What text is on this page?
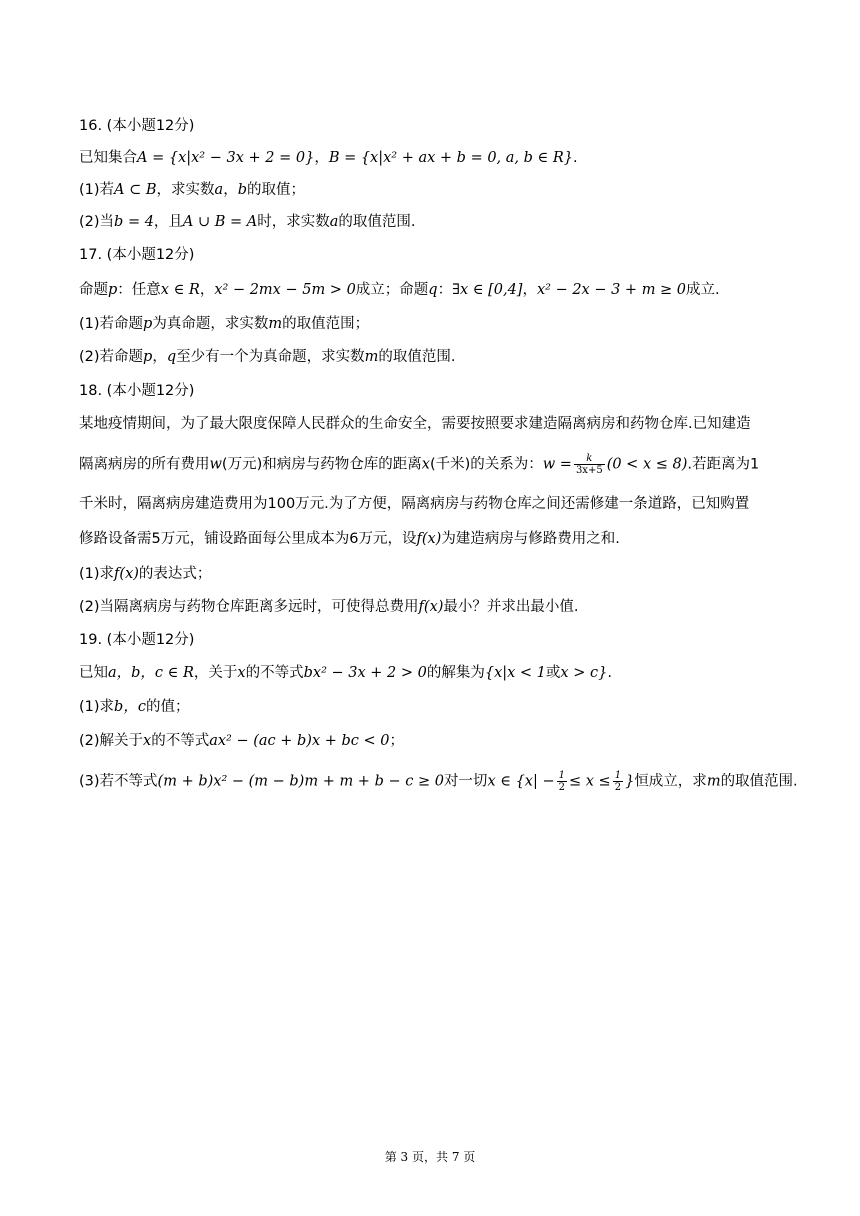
16. (本小题12分)
已知集合A = {x|x² − 3x + 2 = 0}，B = {x|x² + ax + b = 0, a, b ∈ R}.
(1)若A ⊂ B，求实数a，b的取值；
(2)当b = 4，且A ∪ B = A时，求实数a的取值范围.
17. (本小题12分)
命题p：任意x ∈ R，x² − 2mx − 5m > 0成立；命题q：∃x ∈ [0,4]，x² − 2x − 3 + m ≥ 0成立.
(1)若命题p为真命题，求实数m的取值范围；
(2)若命题p，q至少有一个为真命题，求实数m的取值范围.
18. (本小题12分)
某地疫情期间，为了最大限度保障人民群众的生命安全，需要按照要求建造隔离病房和药物仓库.已知建造
隔离病房的所有费用w(万元)和病房与药物仓库的距离x(千米)的关系为：$w = \frac{k}{3x+5} (0 < x \le 8)$.若距离为1
千米时，隔离病房建造费用为100万元.为了方便，隔离病房与药物仓库之间还需修建一条道路，已知购置
修路设备需5万元，铺设路面每公里成本为6万元，设f(x)为建造病房与修路费用之和.
(1)求f(x)的表达式；
(2)当隔离病房与药物仓库距离多远时，可使得总费用f(x)最小？并求出最小值.
19. (本小题12分)
已知a，b，c ∈ R，关于x的不等式bx² − 3x + 2 > 0的解集为{x|x < 1或x > c}.
(1)求b，c的值；
(2)解关于x的不等式ax² − (ac + b)x + bc < 0；
(3)若不等式(m + b)x² − (m − b)m + m + b − c ≥ 0对一切x ∈ {$x| - \frac{1}{2} \le x \le \frac{1}{2}$ }恒成立，求m的取值范围.
第 3 页，共 7 页
